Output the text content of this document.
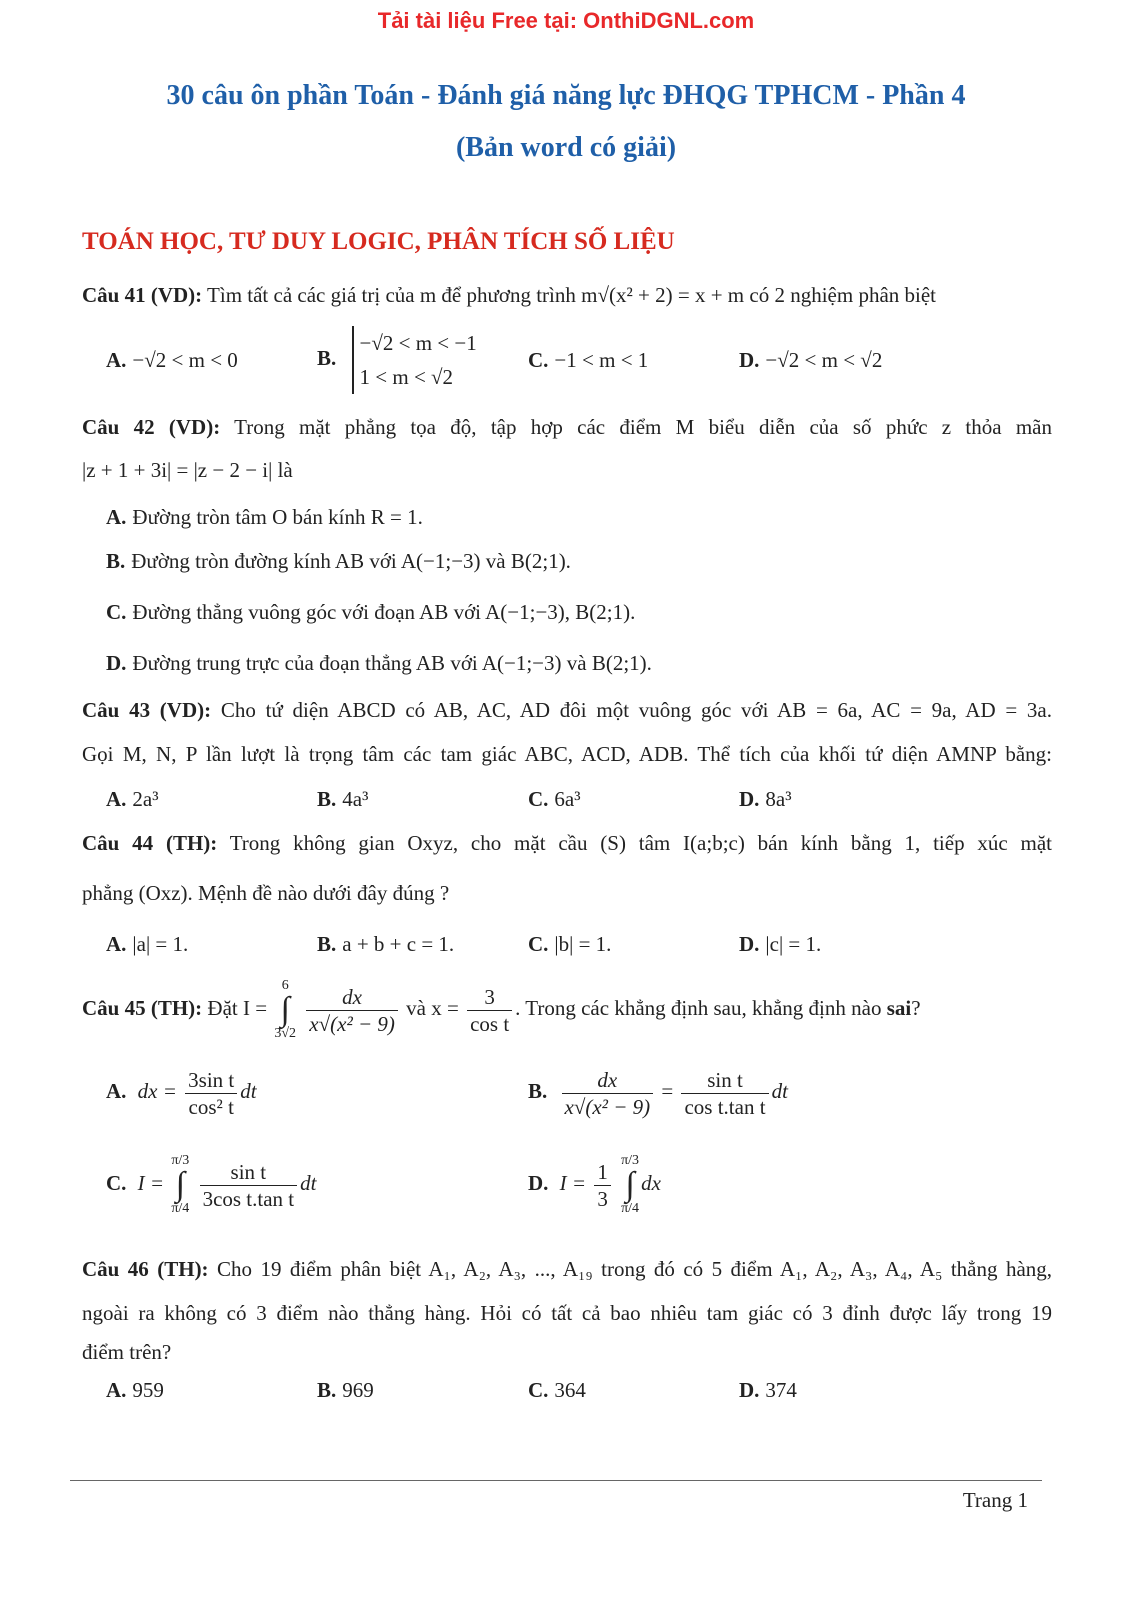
Tải tài liệu Free tại: OnthiDGNL.com
30 câu ôn phần Toán - Đánh giá năng lực ĐHQG TPHCM - Phần 4
(Bản word có giải)
TOÁN HỌC, TƯ DUY LOGIC, PHÂN TÍCH SỐ LIỆU
Câu 41 (VD): Tìm tất cả các giá trị của m để phương trình m√(x² + 2) = x + m có 2 nghiệm phân biệt
A. −√2 < m < 0	B.
−√2 < m < −1
1 < m < √2
C. −1 < m < 1	D. −√2 < m < √2
Câu 42 (VD): Trong mặt phẳng tọa độ, tập hợp các điểm M biểu diễn của số phức z thỏa mãn
|z + 1 + 3i| = |z − 2 − i| là
A. Đường tròn tâm O bán kính R = 1.
B. Đường tròn đường kính AB với A(−1;−3) và B(2;1).
C. Đường thẳng vuông góc với đoạn AB với A(−1;−3), B(2;1).
D. Đường trung trực của đoạn thẳng AB với A(−1;−3) và B(2;1).
Câu 43 (VD): Cho tứ diện ABCD có AB, AC, AD đôi một vuông góc với AB = 6a, AC = 9a, AD = 3a.
Gọi M, N, P lần lượt là trọng tâm các tam giác ABC, ACD, ADB. Thể tích của khối tứ diện AMNP bằng:
A. 2a³	B. 4a³	C. 6a³	D. 8a³
Câu 44 (TH): Trong không gian Oxyz, cho mặt cầu (S) tâm I(a;b;c) bán kính bằng 1, tiếp xúc mặt
phẳng (Oxz). Mệnh đề nào dưới đây đúng ?
A. |a| = 1.	B. a + b + c = 1.	C. |b| = 1.	D. |c| = 1.
Câu 45 (TH): Đặt I = 6
∫
$3√2 \frac{dx}{\text{x√(x² − 9)}}$ và $x = \frac{3}{\text{cos t}}$ . Trong các khẳng định sau, khẳng định nào sai?
A. dx = $\frac{\text{3sin t}}{\text{cos² t}}$ dt	B. $\frac{dx}{\text{x√(x² − 9)}} = \frac{\text{sin t}}{\text{cos t.tan t}}$ dt
C. I = π/3
∫
$\pi/4 \frac{\text{sin t}}{\text{3cos t.tan t}}$ dt	D. $I = \frac{1}{3} \pi/3$
∫
π/4dx
Câu 46 (TH): Cho 19 điểm phân biệt A₁, A₂, A₃, ..., A₁₉ trong đó có 5 điểm A₁, A₂, A₃, A₄, A₅ thẳng hàng,
ngoài ra không có 3 điểm nào thẳng hàng. Hỏi có tất cả bao nhiêu tam giác có 3 đỉnh được lấy trong 19
điểm trên?
A. 959	B. 969	C. 364	D. 374
Trang 1
